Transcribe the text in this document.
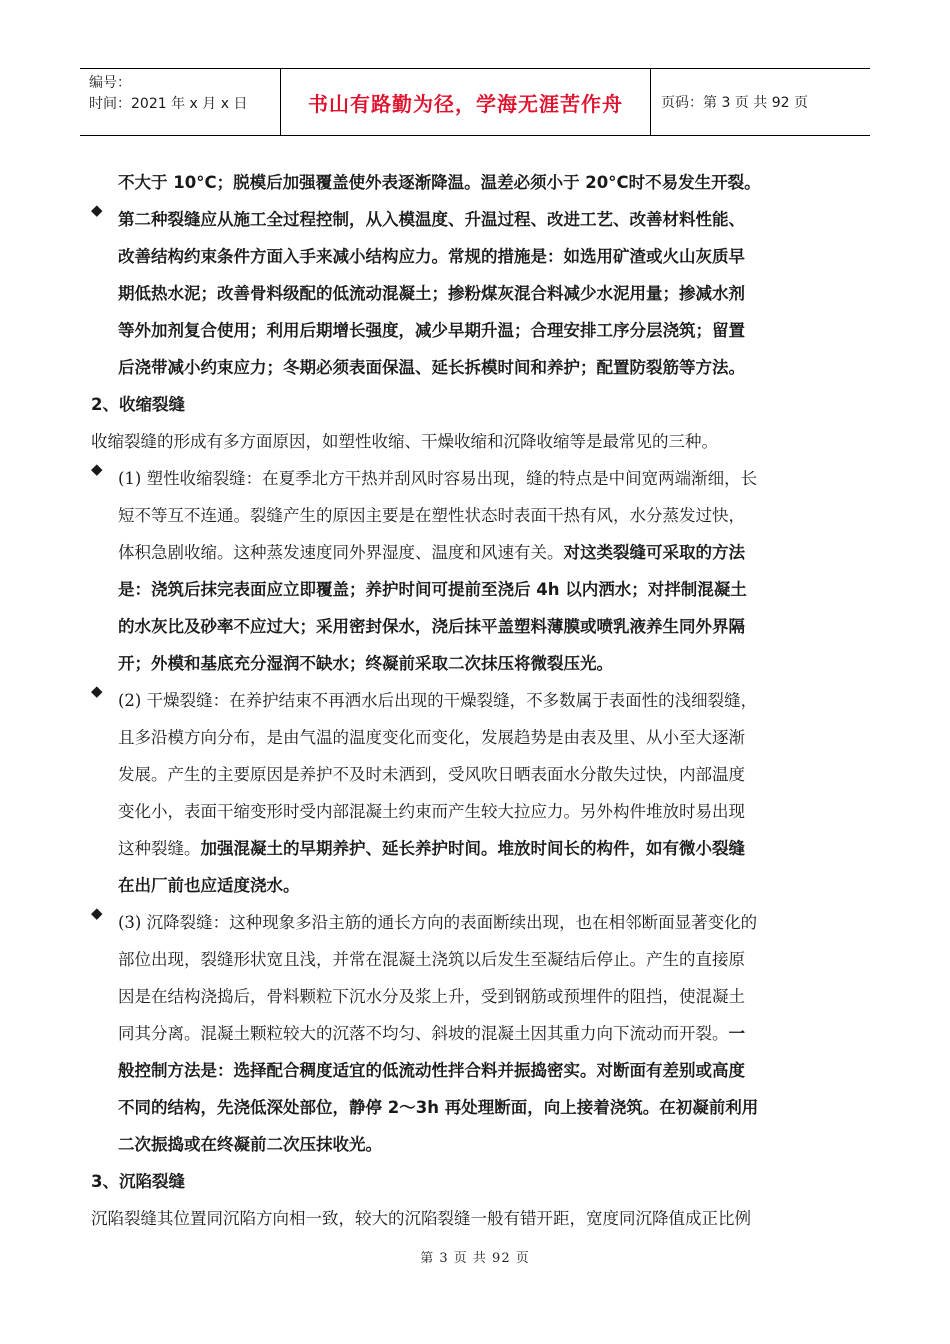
编号：
时间：2021 年 x 月 x 日	书山有路勤为径，学海无涯苦作舟	页码：第 3 页 共 92 页
不大于 10°C；脱模后加强覆盖使外表逐渐降温。温差必须小于 20°C时不易发生开裂。
◆ 第二种裂缝应从施工全过程控制，从入模温度、升温过程、改进工艺、改善材料性能、
改善结构约束条件方面入手来减小结构应力。常规的措施是：如选用矿渣或火山灰质早
期低热水泥；改善骨料级配的低流动混凝土；掺粉煤灰混合料减少水泥用量；掺减水剂
等外加剂复合使用；利用后期增长强度，减少早期升温；合理安排工序分层浇筑；留置
后浇带减小约束应力；冬期必须表面保温、延长拆模时间和养护；配置防裂筋等方法。
2、收缩裂缝
收缩裂缝的形成有多方面原因，如塑性收缩、干燥收缩和沉降收缩等是最常见的三种。
◆ (1) 塑性收缩裂缝：在夏季北方干热并刮风时容易出现，缝的特点是中间宽两端渐细，长
短不等互不连通。裂缝产生的原因主要是在塑性状态时表面干热有风，水分蒸发过快，
体积急剧收缩。这种蒸发速度同外界湿度、温度和风速有关。对这类裂缝可采取的方法
是：浇筑后抹完表面应立即覆盖；养护时间可提前至浇后 4h 以内洒水；对拌制混凝土
的水灰比及砂率不应过大；采用密封保水，浇后抹平盖塑料薄膜或喷乳液养生同外界隔
开；外模和基底充分湿润不缺水；终凝前采取二次抹压将微裂压光。
◆ (2) 干燥裂缝：在养护结束不再洒水后出现的干燥裂缝，不多数属于表面性的浅细裂缝，
且多沿模方向分布，是由气温的温度变化而变化，发展趋势是由表及里、从小至大逐渐
发展。产生的主要原因是养护不及时未洒到，受风吹日晒表面水分散失过快，内部温度
变化小，表面干缩变形时受内部混凝土约束而产生较大拉应力。另外构件堆放时易出现
这种裂缝。加强混凝土的早期养护、延长养护时间。堆放时间长的构件，如有微小裂缝
在出厂前也应适度浇水。
◆ (3) 沉降裂缝：这种现象多沿主筋的通长方向的表面断续出现，也在相邻断面显著变化的
部位出现，裂缝形状宽且浅，并常在混凝土浇筑以后发生至凝结后停止。产生的直接原
因是在结构浇捣后，骨料颗粒下沉水分及浆上升，受到钢筋或预埋件的阻挡，使混凝土
同其分离。混凝土颗粒较大的沉落不均匀、斜坡的混凝土因其重力向下流动而开裂。一
般控制方法是：选择配合稠度适宜的低流动性拌合料并振捣密实。对断面有差别或高度
不同的结构，先浇低深处部位，静停 2～3h 再处理断面，向上接着浇筑。在初凝前利用
二次振捣或在终凝前二次压抹收光。
3、沉陷裂缝
沉陷裂缝其位置同沉陷方向相一致，较大的沉陷裂缝一般有错开距，宽度同沉降值成正比例
第 3 页 共 92 页
